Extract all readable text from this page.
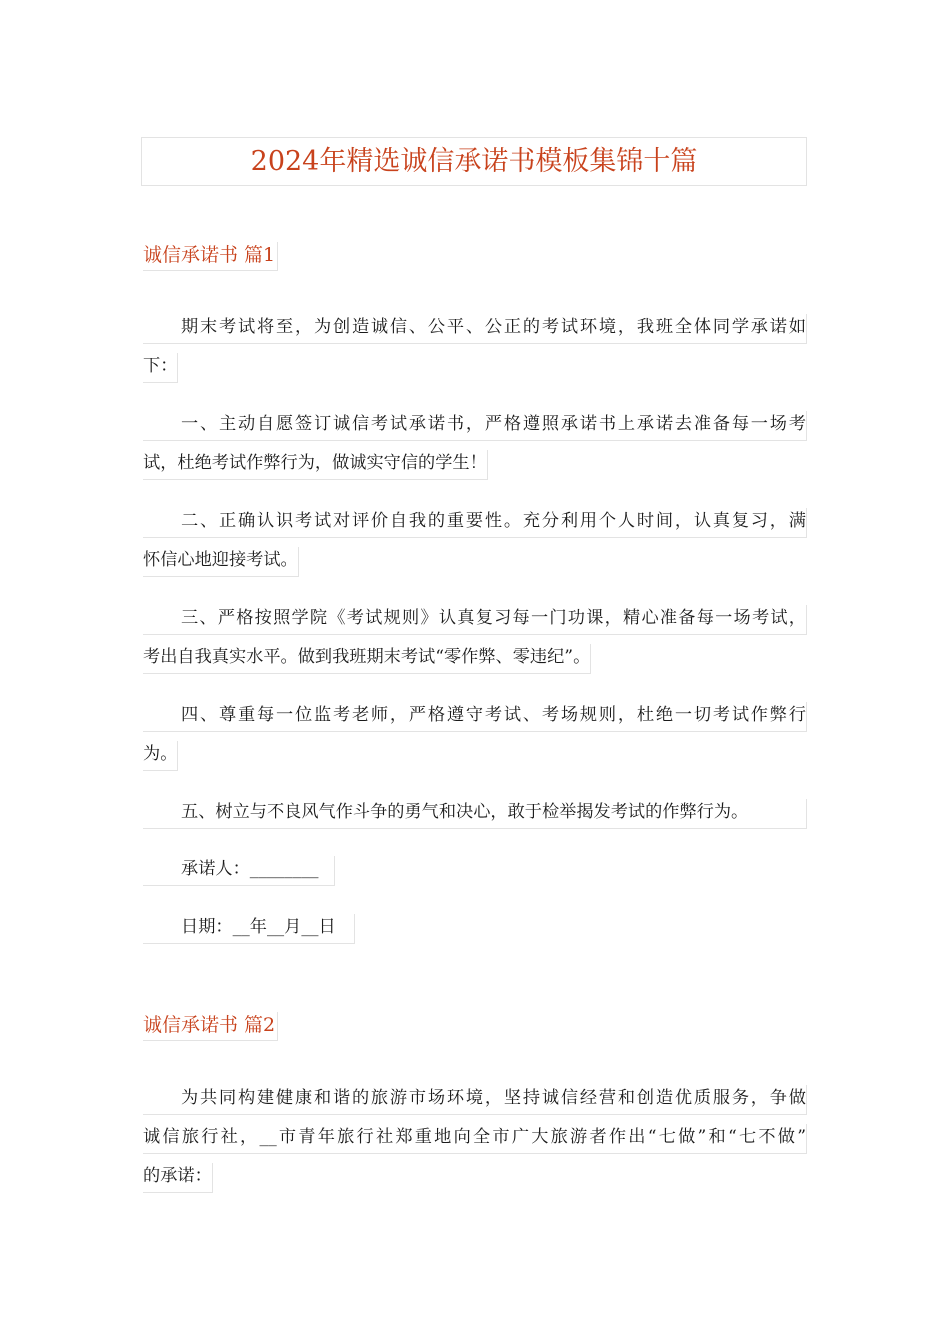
2024年精选诚信承诺书模板集锦十篇
诚信承诺书 篇1
期末考试将至，为创造诚信、公平、公正的考试环境，我班全体同学承诺如
下：
一、主动自愿签订诚信考试承诺书，严格遵照承诺书上承诺去准备每一场考
试，杜绝考试作弊行为，做诚实守信的学生！
二、正确认识考试对评价自我的重要性。充分利用个人时间，认真复习，满
怀信心地迎接考试。
三、严格按照学院《考试规则》认真复习每一门功课，精心准备每一场考试，
考出自我真实水平。做到我班期末考试“零作弊、零违纪”。
四、尊重每一位监考老师，严格遵守考试、考场规则，杜绝一切考试作弊行
为。
五、树立与不良风气作斗争的勇气和决心，敢于检举揭发考试的作弊行为。
承诺人：________
日期：__年__月__日
诚信承诺书 篇2
为共同构建健康和谐的旅游市场环境，坚持诚信经营和创造优质服务，争做
诚信旅行社，__市青年旅行社郑重地向全市广大旅游者作出“七做”和“七不做”
的承诺：
